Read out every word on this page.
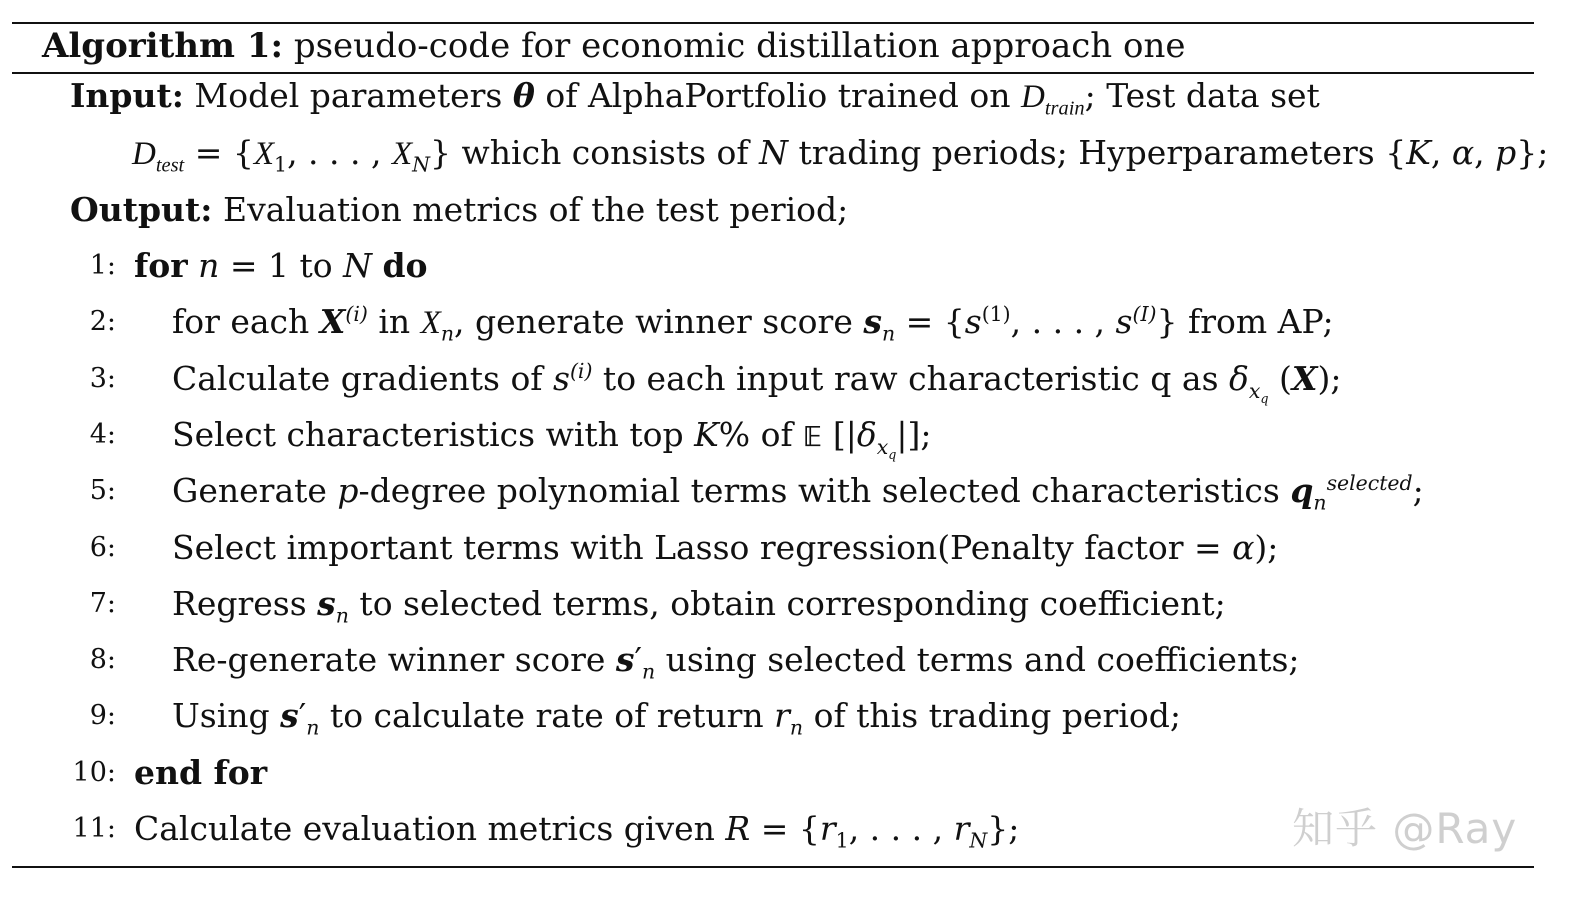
Algorithm 1: pseudo-code for economic distillation approach one
Input: Model parameters θ of AlphaPortfolio trained on $D_{train}$; Test data set
$D_{test} = \{X_1$, . . . , $X_N$} which consists of N trading periods; Hyperparameters {K, α, p};
Output: Evaluation metrics of the test period;
1: for n = 1 to N do
2: for each $X^{(i)}$ in $X_n$, generate winner score $s_n = \{s^{(1)}$, . . . , $s^{(I)}$} from AP;
3: Calculate gradients of $s^{(i)}$ to each input raw characteristic q as $\delta_{x_q}$ (X);
4: Select characteristics with top K% of 𝔼 $[|\delta_{x_q}|]$;
5: Generate p-degree polynomial terms with selected characteristics $q_n^{selected}$;
6: Select important terms with Lasso regression(Penalty factor = α);
7: Regress $s_n$ to selected terms, obtain corresponding coefficient;
8: Re-generate winner score $s'_n$ using selected terms and coefficients;
9: Using $s'_n$ to calculate rate of return $r_n$ of this trading period;
10: end for
11: Calculate evaluation metrics given $R = \{r_1$, . . . , $r_N$};	知乎 @Ray
